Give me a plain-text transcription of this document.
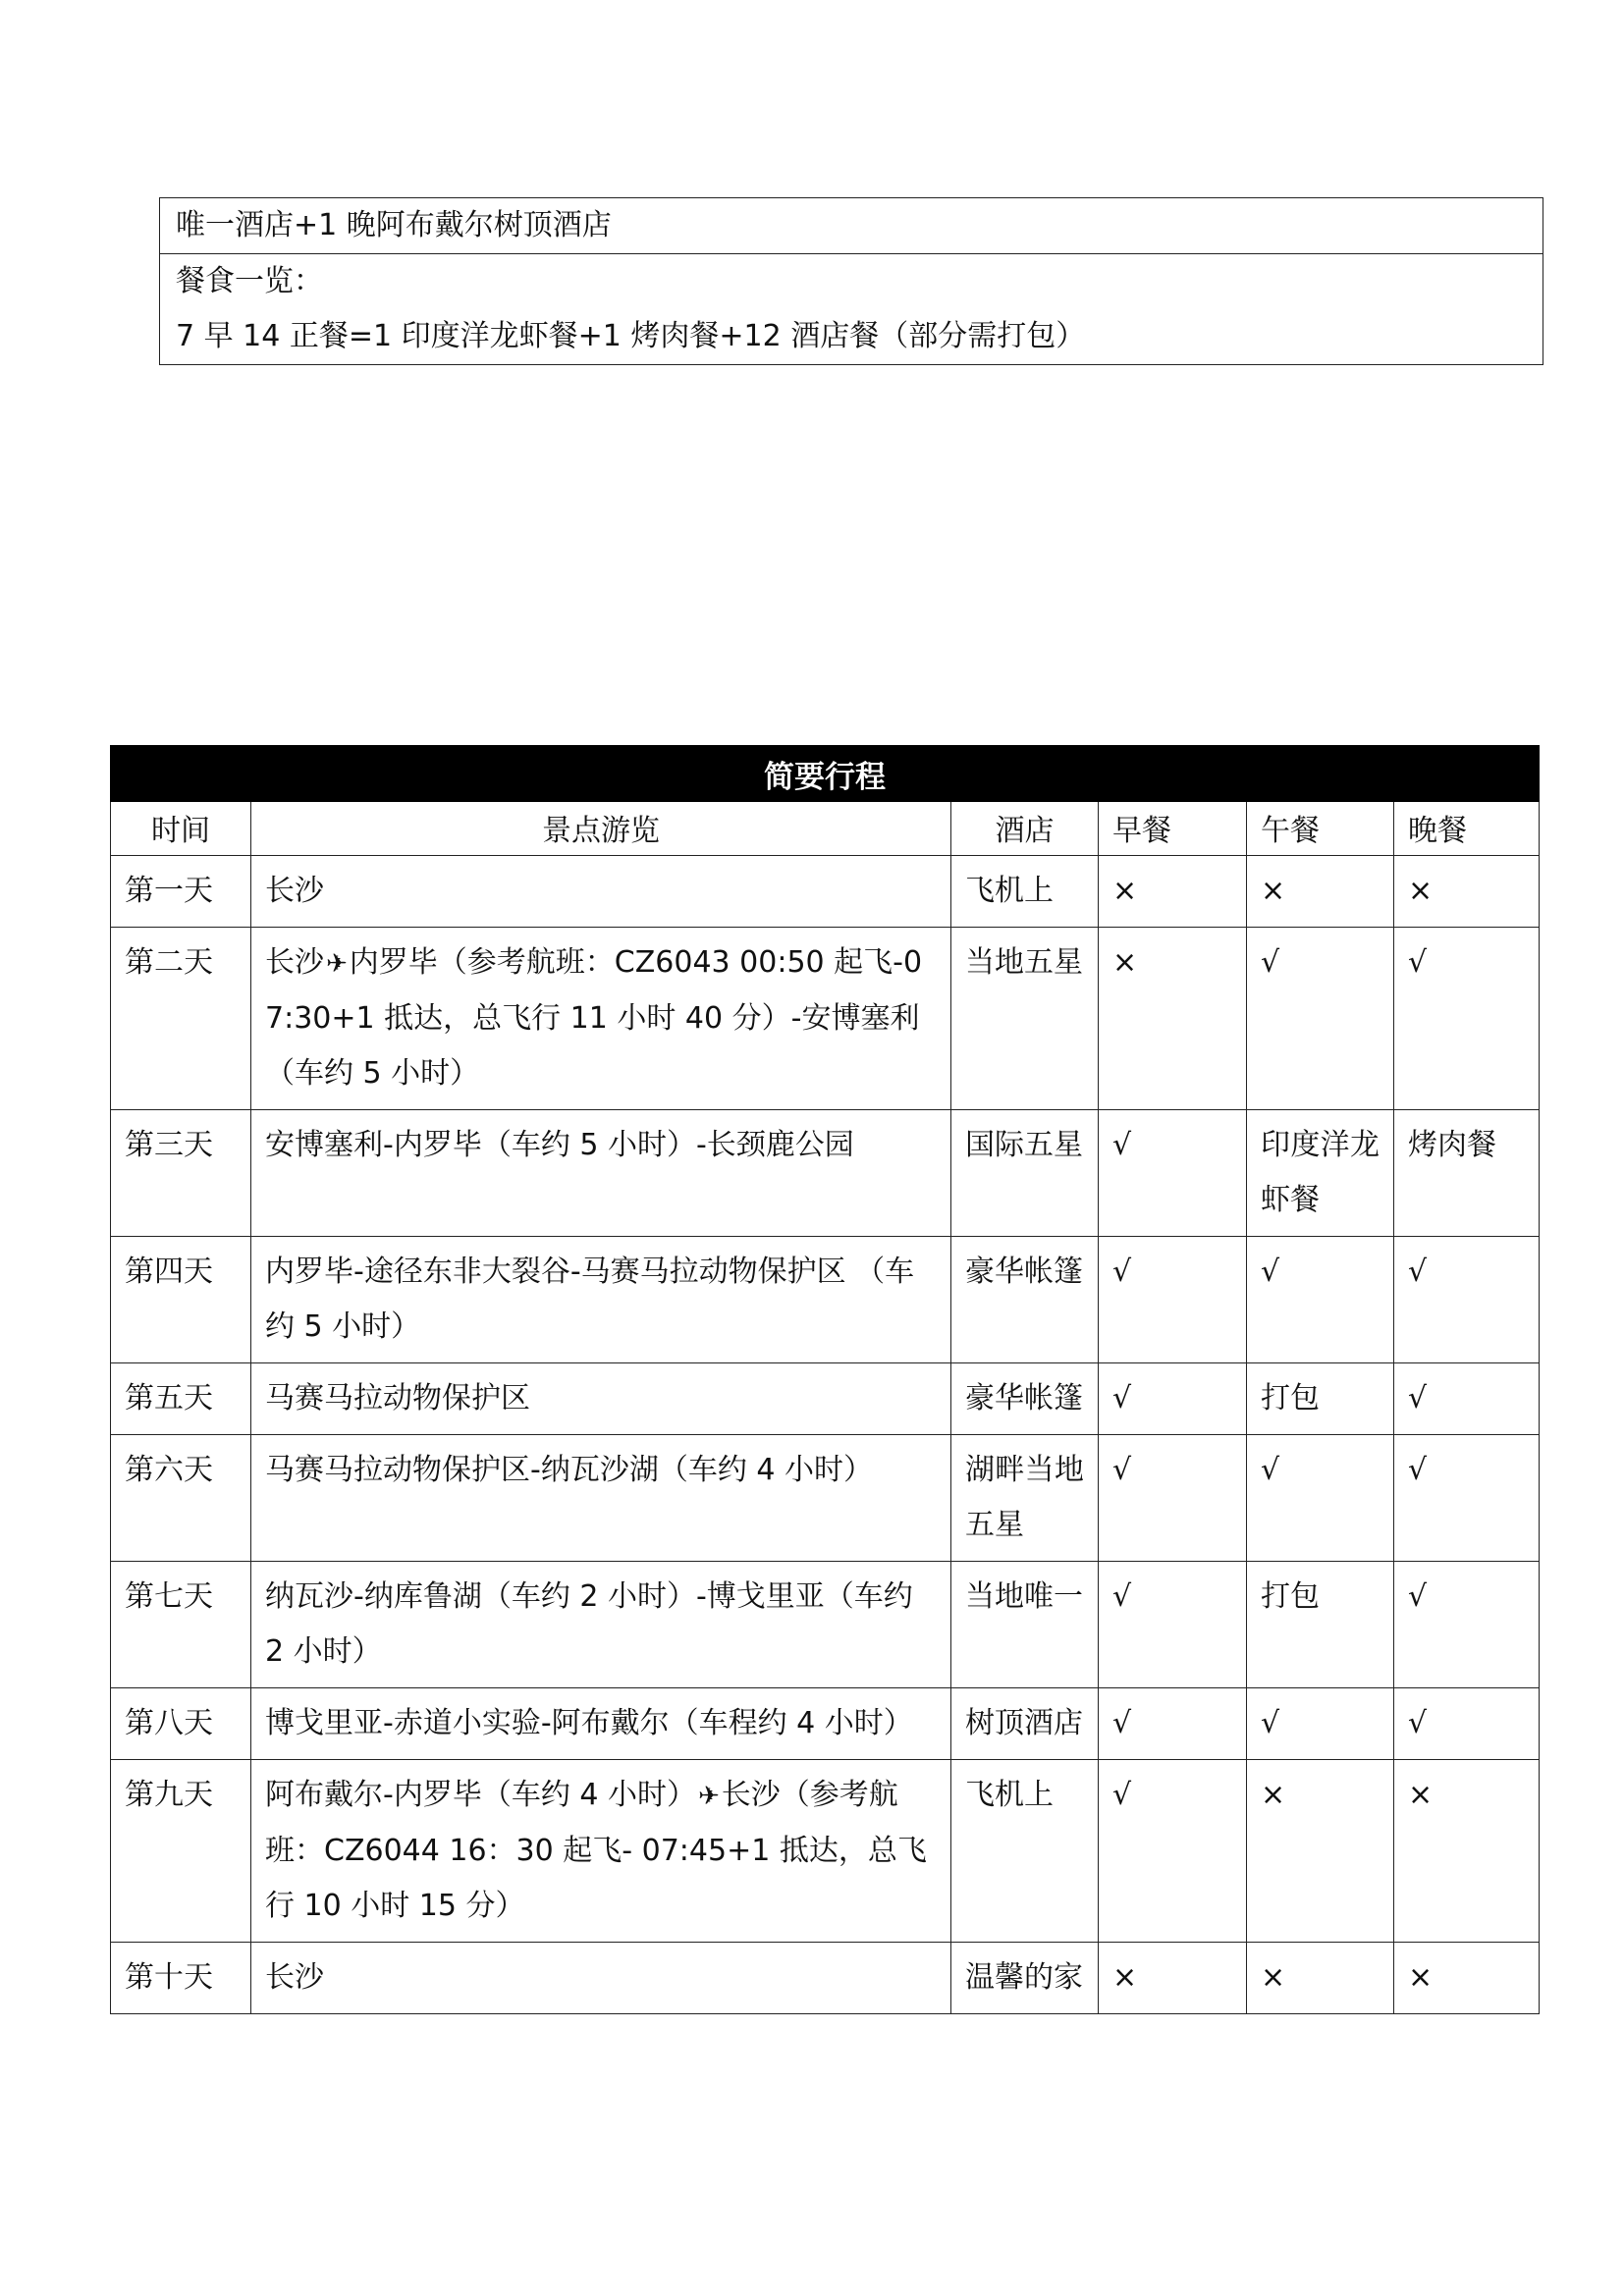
唯一酒店+1 晚阿布戴尔树顶酒店
餐食一览：
7 早 14 正餐=1 印度洋龙虾餐+1 烤肉餐+12 酒店餐（部分需打包）
简要行程					
时间	景点游览	酒店	早餐	午餐	晚餐
第一天	长沙	飞机上	×	×	×
第二天	长沙✈内罗毕（参考航班：CZ6043 00:50 起飞-07:30+1 抵达，总飞行 11 小时 40 分）-安博塞利（车约 5 小时）	当地五星	×	√	√
第三天	安博塞利-内罗毕（车约 5 小时）-长颈鹿公园	国际五星	√	印度洋龙虾餐	烤肉餐
第四天	内罗毕-途径东非大裂谷-马赛马拉动物保护区 （车约 5 小时）	豪华帐篷	√	√	√
第五天	马赛马拉动物保护区	豪华帐篷	√	打包	√
第六天	马赛马拉动物保护区-纳瓦沙湖（车约 4 小时）	湖畔当地五星	√	√	√
第七天	纳瓦沙-纳库鲁湖（车约 2 小时）-博戈里亚（车约 2 小时）	当地唯一	√	打包	√
第八天	博戈里亚-赤道小实验-阿布戴尔（车程约 4 小时）	树顶酒店	√	√	√
第九天	阿布戴尔-内罗毕（车约 4 小时）✈长沙（参考航班：CZ6044 16：30 起飞- 07:45+1 抵达，总飞行 10 小时 15 分）	飞机上	√	×	×
第十天	长沙	温馨的家	×	×	×
